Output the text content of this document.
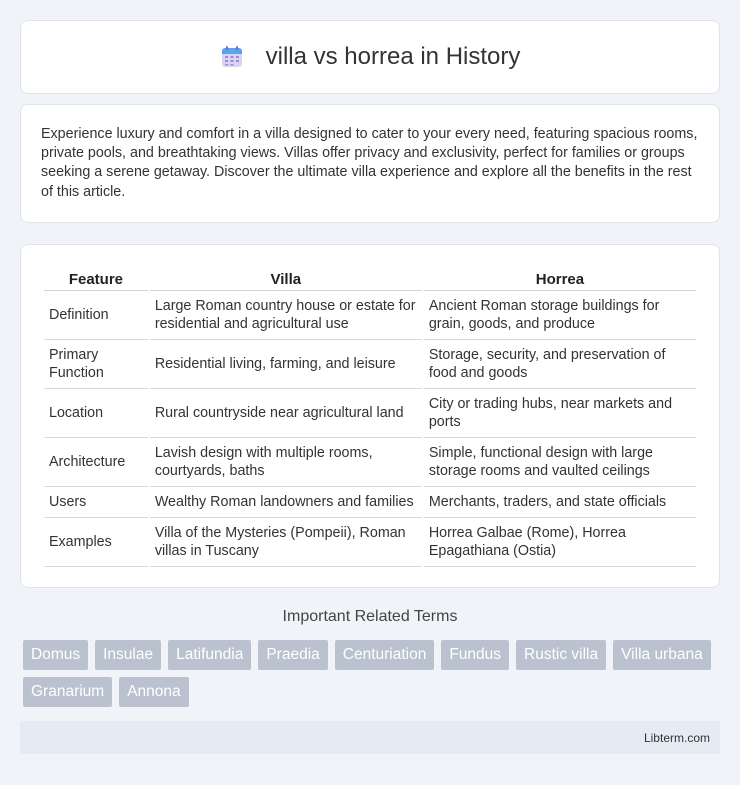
villa vs horrea in History

Experience luxury and comfort in a villa designed to cater to your every need, featuring spacious rooms, private pools, and breathtaking views. Villas offer privacy and exclusivity, perfect for families or groups seeking a serene getaway. Discover the ultimate villa experience and explore all the benefits in the rest of this article.

Feature	Villa	Horrea
Definition	Large Roman country house or estate for residential and agricultural use	Ancient Roman storage buildings for grain, goods, and produce
Primary Function	Residential living, farming, and leisure	Storage, security, and preservation of food and goods
Location	Rural countryside near agricultural land	City or trading hubs, near markets and ports
Architecture	Lavish design with multiple rooms, courtyards, baths	Simple, functional design with large storage rooms and vaulted ceilings
Users	Wealthy Roman landowners and families	Merchants, traders, and state officials
Examples	Villa of the Mysteries (Pompeii), Roman villas in Tuscany	Horrea Galbae (Rome), Horrea Epagathiana (Ostia)
Important Related Terms
Domus	Insulae	Latifundia	Praedia	Centuriation	Fundus	Rustic villa	Villa urbana
Granarium	Annona
Libterm.com
